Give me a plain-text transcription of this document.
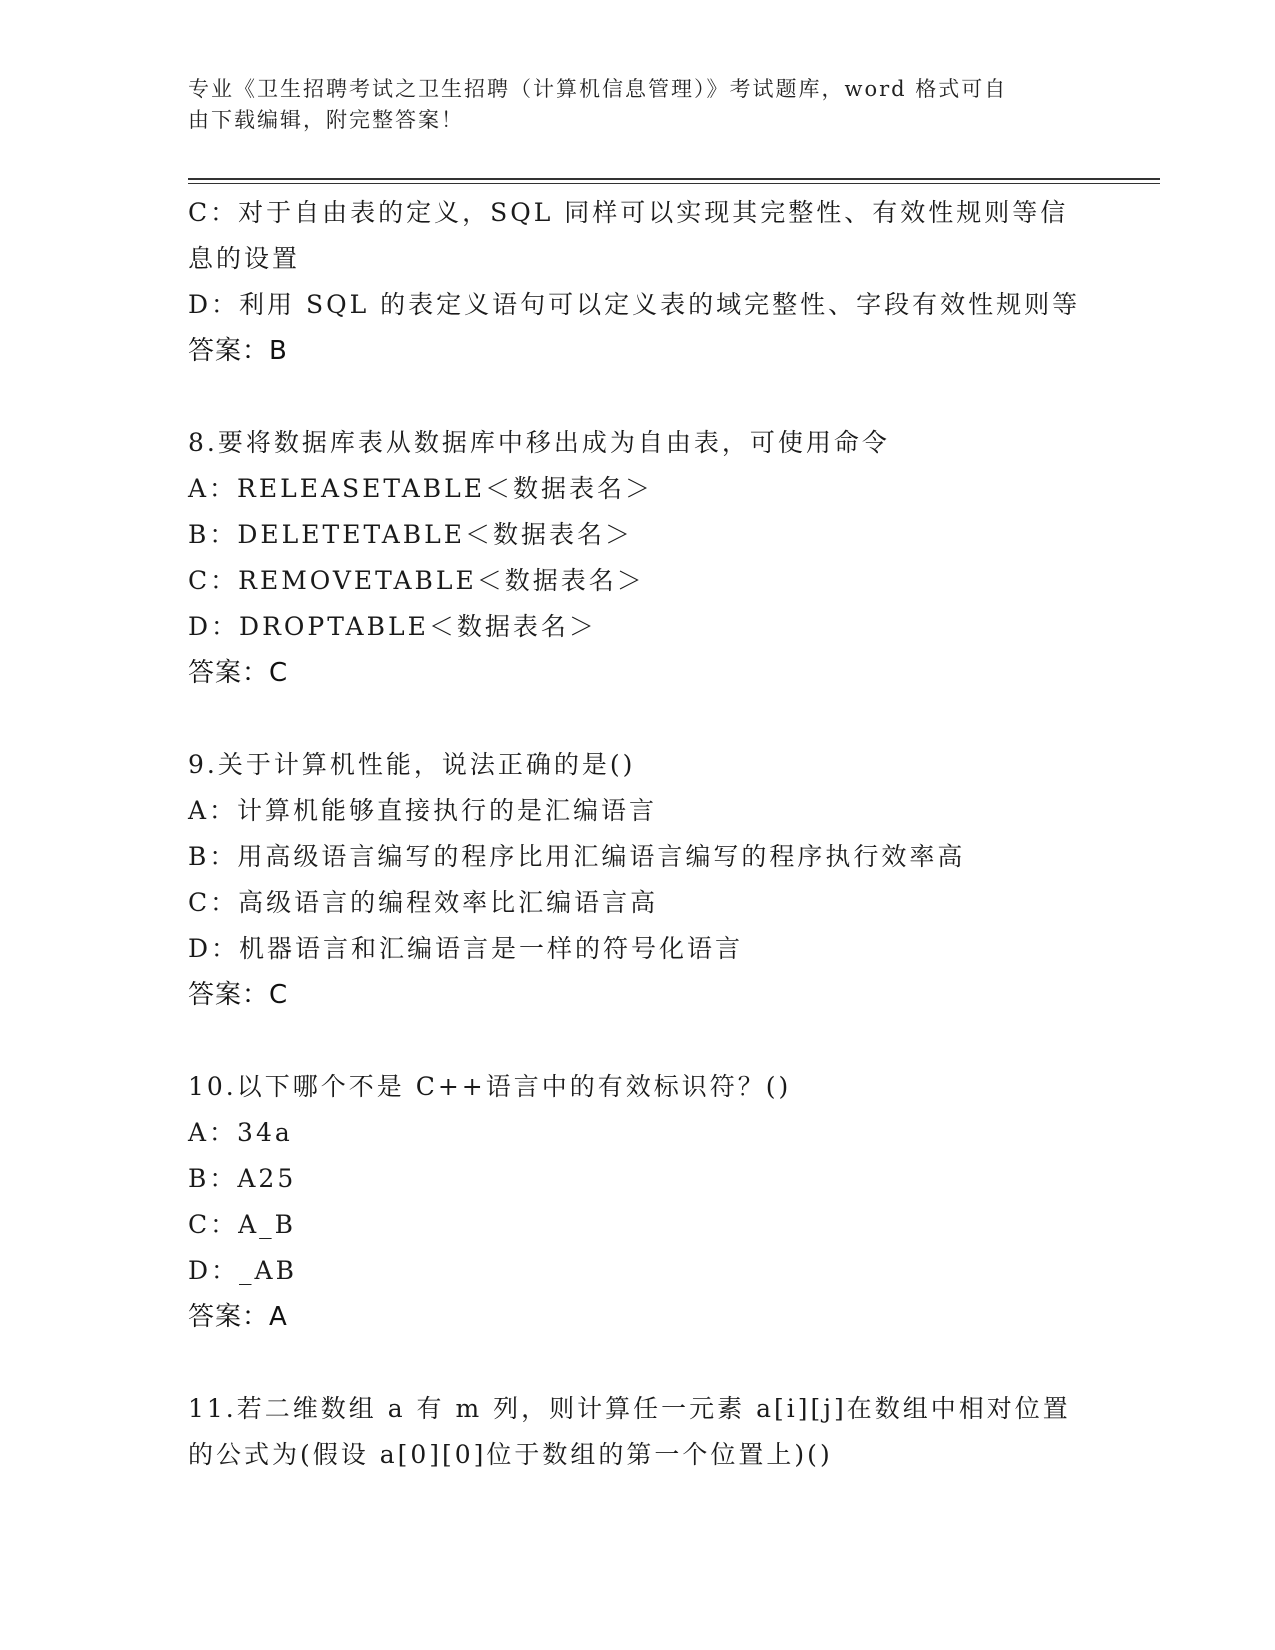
专业《卫生招聘考试之卫生招聘（计算机信息管理）》考试题库，word 格式可自
由下载编辑，附完整答案！
C：对于自由表的定义，SQL 同样可以实现其完整性、有效性规则等信
息的设置
D：利用 SQL 的表定义语句可以定义表的域完整性、字段有效性规则等
答案：B
8.要将数据库表从数据库中移出成为自由表，可使用命令
A：RELEASETABLE＜数据表名＞
B：DELETETABLE＜数据表名＞
C：REMOVETABLE＜数据表名＞
D：DROPTABLE＜数据表名＞
答案：C
9.关于计算机性能，说法正确的是()
A：计算机能够直接执行的是汇编语言
B：用高级语言编写的程序比用汇编语言编写的程序执行效率高
C：高级语言的编程效率比汇编语言高
D：机器语言和汇编语言是一样的符号化语言
答案：C
10.以下哪个不是 C++语言中的有效标识符？()
A：34a
B：A25
C：A_B
D：_AB
答案：A
11.若二维数组 a 有 m 列，则计算任一元素 a[i][j]在数组中相对位置
的公式为(假设 a[0][0]位于数组的第一个位置上)()
